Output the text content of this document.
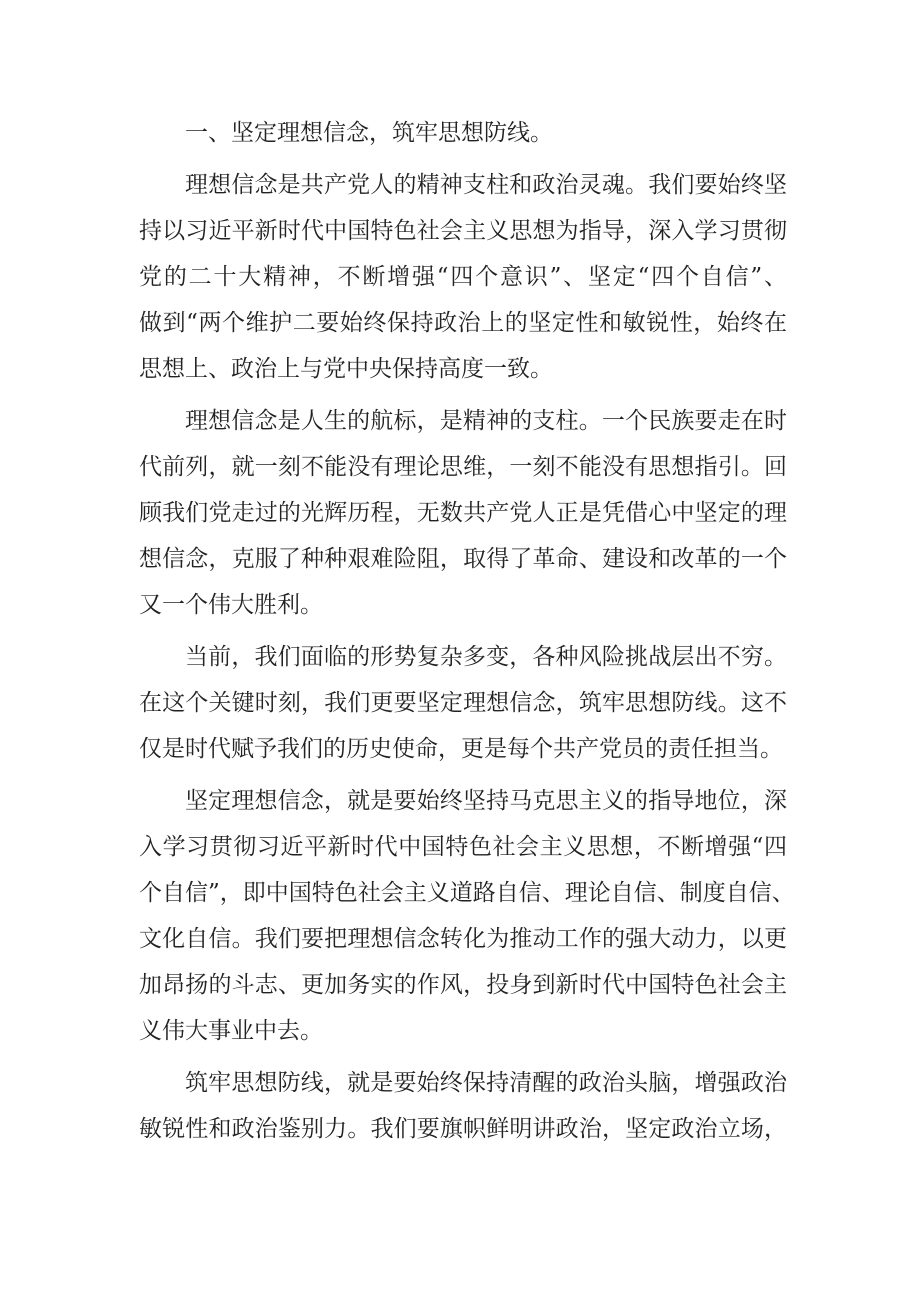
一、坚定理想信念，筑牢思想防线。
理想信念是共产党人的精神支柱和政治灵魂。我们要始终坚
持以习近平新时代中国特色社会主义思想为指导，深入学习贯彻
党的二十大精神，不断增强“四个意识”、坚定“四个自信”、
做到“两个维护二要始终保持政治上的坚定性和敏锐性，始终在
思想上、政治上与党中央保持高度一致。
理想信念是人生的航标，是精神的支柱。一个民族要走在时
代前列，就一刻不能没有理论思维，一刻不能没有思想指引。回
顾我们党走过的光辉历程，无数共产党人正是凭借心中坚定的理
想信念，克服了种种艰难险阻，取得了革命、建设和改革的一个
又一个伟大胜利。
当前，我们面临的形势复杂多变，各种风险挑战层出不穷。
在这个关键时刻，我们更要坚定理想信念，筑牢思想防线。这不
仅是时代赋予我们的历史使命，更是每个共产党员的责任担当。
坚定理想信念，就是要始终坚持马克思主义的指导地位，深
入学习贯彻习近平新时代中国特色社会主义思想，不断增强“四
个自信”，即中国特色社会主义道路自信、理论自信、制度自信、
文化自信。我们要把理想信念转化为推动工作的强大动力，以更
加昂扬的斗志、更加务实的作风，投身到新时代中国特色社会主
义伟大事业中去。
筑牢思想防线，就是要始终保持清醒的政治头脑，增强政治
敏锐性和政治鉴别力。我们要旗帜鲜明讲政治，坚定政治立场，
